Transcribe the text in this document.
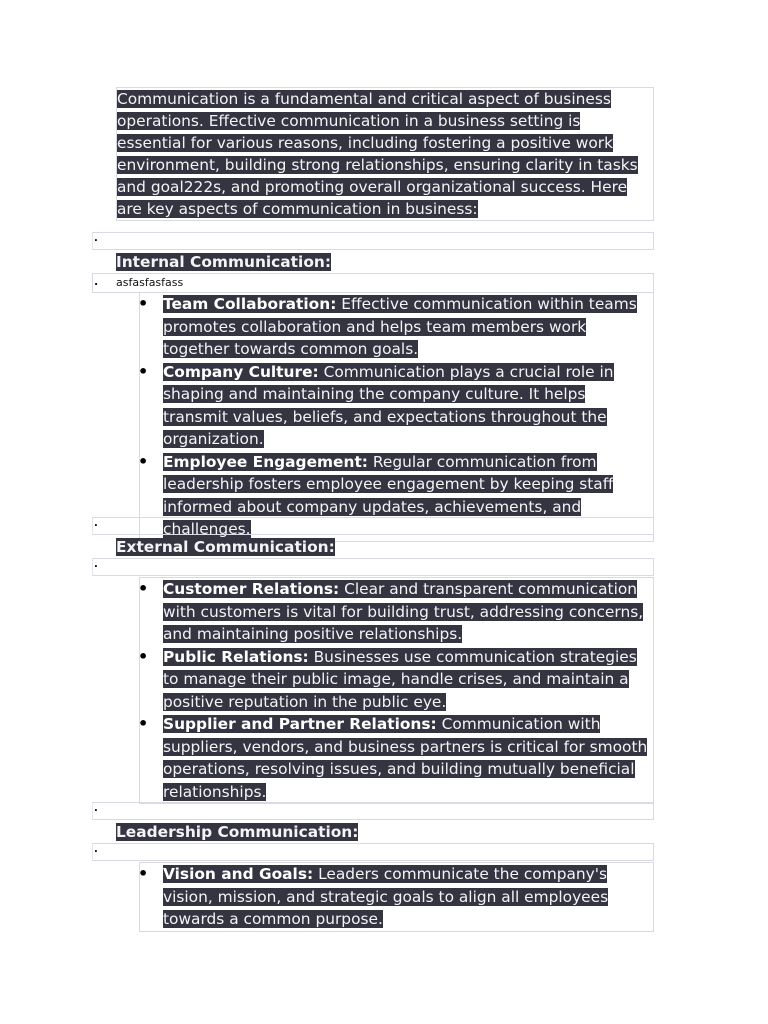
Communication is a fundamental and critical aspect of business operations. Effective communication in a business setting is essential for various reasons, including fostering a positive work environment, building strong relationships, ensuring clarity in tasks and goal222s, and promoting overall organizational success. Here are key aspects of communication in business:
.
Internal Communication:
. asfasfasfass
• Team Collaboration: Effective communication within teams promotes collaboration and helps team members work together towards common goals.
• Company Culture: Communication plays a crucial role in shaping and maintaining the company culture. It helps transmit values, beliefs, and expectations throughout the organization.
• Employee Engagement: Regular communication from leadership fosters employee engagement by keeping staff informed about company updates, achievements, and challenges.
.
External Communication:
.
• Customer Relations: Clear and transparent communication with customers is vital for building trust, addressing concerns, and maintaining positive relationships.
• Public Relations: Businesses use communication strategies to manage their public image, handle crises, and maintain a positive reputation in the public eye.
• Supplier and Partner Relations: Communication with suppliers, vendors, and business partners is critical for smooth operations, resolving issues, and building mutually beneficial relationships.
.
Leadership Communication:
.
• Vision and Goals: Leaders communicate the company's vision, mission, and strategic goals to align all employees towards a common purpose.
